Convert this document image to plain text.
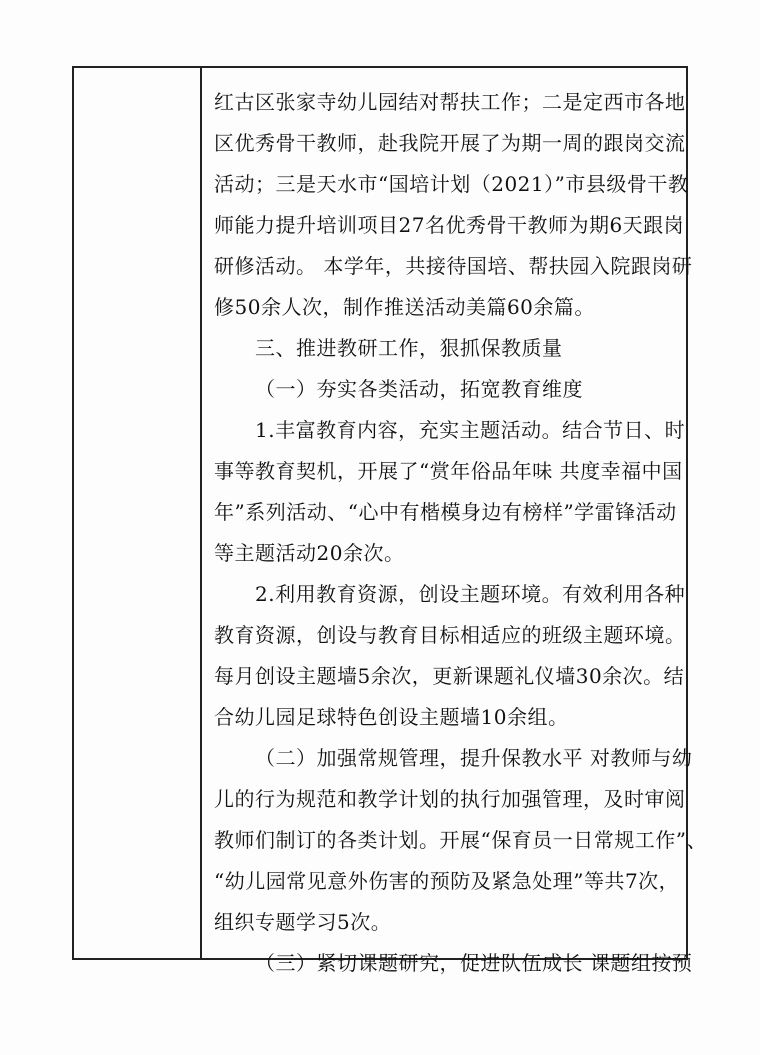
红古区张家寺幼儿园结对帮扶工作；二是定西市各地
区优秀骨干教师，赴我院开展了为期一周的跟岗交流
活动；三是天水市“国培计划（2021）”市县级骨干教
师能力提升培训项目27名优秀骨干教师为期6天跟岗
研修活动。 本学年，共接待国培、帮扶园入院跟岗研
修50余人次，制作推送活动美篇60余篇。
三、推进教研工作，狠抓保教质量
（一）夯实各类活动，拓宽教育维度
1.丰富教育内容，充实主题活动。结合节日、时
事等教育契机，开展了“赏年俗品年味 共度幸福中国
年”系列活动、“心中有楷模身边有榜样”学雷锋活动
等主题活动20余次。
2.利用教育资源，创设主题环境。有效利用各种
教育资源，创设与教育目标相适应的班级主题环境。
每月创设主题墙5余次，更新课题礼仪墙30余次。结
合幼儿园足球特色创设主题墙10余组。
（二）加强常规管理，提升保教水平 对教师与幼
儿的行为规范和教学计划的执行加强管理，及时审阅
教师们制订的各类计划。开展“保育员一日常规工作”、
“幼儿园常见意外伤害的预防及紧急处理”等共7次，
组织专题学习5次。
（三）紧切课题研究，促进队伍成长 课题组按预
